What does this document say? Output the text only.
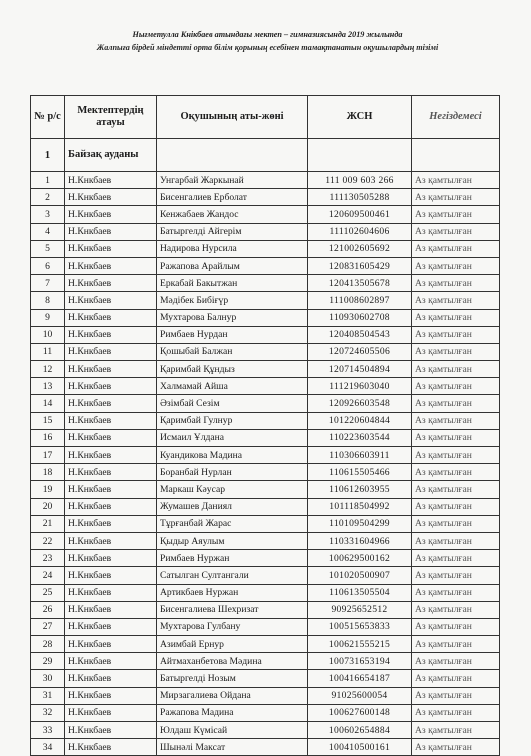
Нығметулла Кнікбаев атындағы мектеп – гимназиясында 2019 жылында
Жалпыға бірдей міндетті орта білім қорының есебінен тамақтанатын оқушылардың тізімі
№ р/с	Мектептердің атауы	Оқушының аты-жөні	ЖСН	Негіздемесі
1	Байзақ ауданы			
1	Н.Кнкбаев	Унгарбай Жаркынай	111 009 603 266	Аз қамтылған
2	Н.Кнкбаев	Бисенгалиев Ерболат	111130505288	Аз қамтылған
3	Н.Кнкбаев	Кенжабаев Жандос	120609500461	Аз қамтылған
4	Н.Кнкбаев	Батыргелді Айгерім	111102604606	Аз қамтылған
5	Н.Кнкбаев	Надирова Нурсила	121002605692	Аз қамтылған
6	Н.Кнкбаев	Ражапова Арайлым	120831605429	Аз қамтылған
7	Н.Кнкбаев	Еркабай Бакытжан	120413505678	Аз қамтылған
8	Н.Кнкбаев	Мәдібек Бибіғүр	111008602897	Аз қамтылған
9	Н.Кнкбаев	Мухтарова Балнур	110930602708	Аз қамтылған
10	Н.Кнкбаев	Римбаев Нурдан	120408504543	Аз қамтылған
11	Н.Кнкбаев	Қошыбай Балжан	120724605506	Аз қамтылған
12	Н.Кнкбаев	Қаримбай Құндыз	120714504894	Аз қамтылған
13	Н.Кнкбаев	Халмамай Айша	111219603040	Аз қамтылған
14	Н.Кнкбаев	Әзімбай Сезім	120926603548	Аз қамтылған
15	Н.Кнкбаев	Қаримбай Гулнур	101220604844	Аз қамтылған
16	Н.Кнкбаев	Исмаил Ұлдана	110223603544	Аз қамтылған
17	Н.Кнкбаев	Куандикова Мадина	110306603911	Аз қамтылған
18	Н.Кнкбаев	Боранбай Нурлан	110615505466	Аз қамтылған
19	Н.Кнкбаев	Маркаш Кәусар	110612603955	Аз қамтылған
20	Н.Кнкбаев	Жумашев Даниял	101118504992	Аз қамтылған
21	Н.Кнкбаев	Тұрғанбай Жарас	110109504299	Аз қамтылған
22	Н.Кнкбаев	Қыдыр Аяулым	110331604966	Аз қамтылған
23	Н.Кнкбаев	Римбаев Нуржан	100629500162	Аз қамтылған
24	Н.Кнкбаев	Сатылган Султангали	101020500907	Аз қамтылған
25	Н.Кнкбаев	Артикбаев Нуржан	110613505504	Аз қамтылған
26	Н.Кнкбаев	Бисенгалиева Шехризат	90925652512	Аз қамтылған
27	Н.Кнкбаев	Мухтарова Гулбану	100515653833	Аз қамтылған
28	Н.Кнкбаев	Азимбай Ернур	100621555215	Аз қамтылған
29	Н.Кнкбаев	Айтмаханбетова Мәдина	100731653194	Аз қамтылған
30	Н.Кнкбаев	Батыргелді Нозым	100416654187	Аз қамтылған
31	Н.Кнкбаев	Мирзагалиева Ойдана	91025600054	Аз қамтылған
32	Н.Кнкбаев	Ражапова Мадина	100627600148	Аз қамтылған
33	Н.Кнкбаев	Юлдаш Күмісай	100602654884	Аз қамтылған
34	Н.Кнкбаев	Шынәлі Максат	100410500161	Аз қамтылған
